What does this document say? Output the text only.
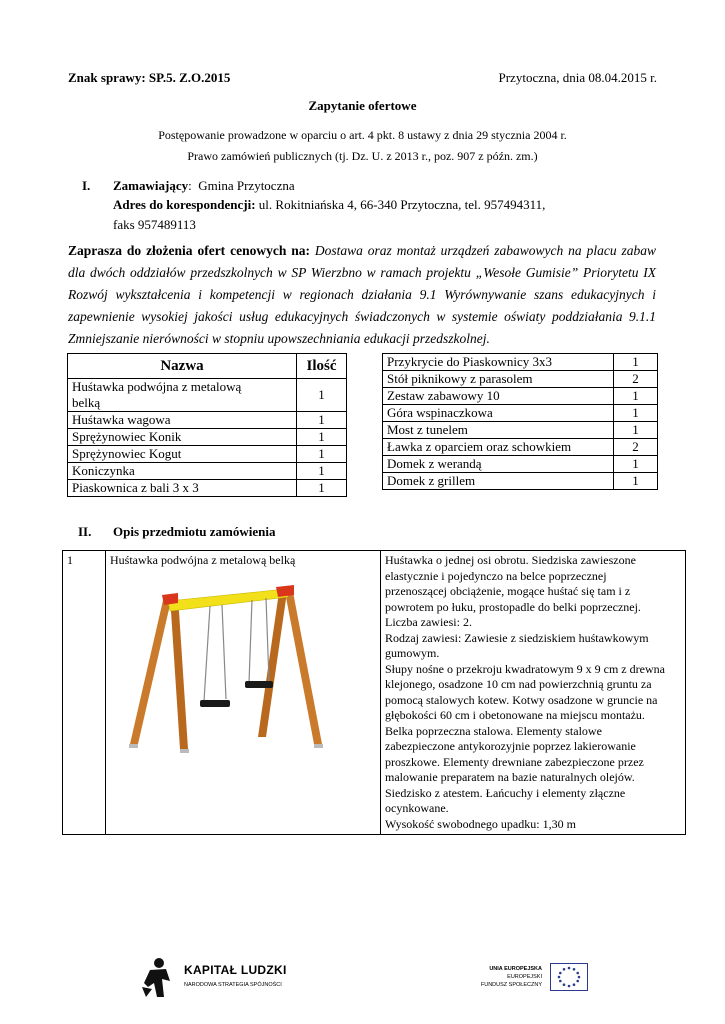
Znak sprawy: SP.5. Z.O.2015	Przytoczna, dnia 08.04.2015 r.
Zapytanie ofertowe
Postępowanie prowadzone w oparciu o art. 4 pkt. 8 ustawy z dnia 29 stycznia 2004 r.
Prawo zamówień publicznych (tj. Dz. U. z 2013 r., poz. 907 z późn. zm.)
I. Zamawiający:  Gmina Przytoczna
Adres do korespondencji: ul. Rokitniańska 4, 66-340 Przytoczna, tel. 957494311,
faks 957489113
Zaprasza do złożenia ofert cenowych na: Dostawa oraz montaż urządzeń zabawowych na placu zabaw dla dwóch oddziałów przedszkolnych w SP Wierzbno w ramach projektu „Wesołe Gumisie” Priorytetu IX Rozwój wykształcenia i kompetencji w regionach działania 9.1 Wyrównywanie szans edukacyjnych i zapewnienie wysokiej jakości usług edukacyjnych świadczonych w systemie oświaty poddziałania 9.1.1 Zmniejszanie nierówności w stopniu upowszechniania edukacji przedszkolnej.
Nazwa	Ilość
Huśtawka podwójna z metalową belką	1
Huśtawka wagowa	1
Sprężynowiec Konik	1
Sprężynowiec Kogut	1
Koniczynka	1
Piaskownica z bali 3 x 3	1
Przykrycie do Piaskownicy 3x3	1
Stół piknikowy z parasolem	2
Zestaw zabawowy 10	1
Góra wspinaczkowa	1
Most z tunelem	1
Ławka z oparciem oraz schowkiem	2
Domek z werandą	1
Domek z grillem	1
II. Opis przedmiotu zamówienia
1	Huśtawka podwójna z metalową belką	Huśtawka o jednej osi obrotu. Siedziska zawieszone
elastycznie i pojedynczo na belce poprzecznej
przenoszącej obciążenie, mogące huśtać się tam i z
powrotem po łuku, prostopadle do belki poprzecznej.
Liczba zawiesi: 2.
Rodzaj zawiesi: Zawiesie z siedziskiem huśtawkowym
gumowym.
Słupy nośne o przekroju kwadratowym 9 x 9 cm z drewna
klejonego, osadzone 10 cm nad powierzchnią gruntu za
pomocą stalowych kotew. Kotwy osadzone w gruncie na
głębokości 60 cm i obetonowane na miejscu montażu.
Belka poprzeczna stalowa. Elementy stalowe
zabezpieczone antykorozyjnie poprzez lakierowanie
proszkowe. Elementy drewniane zabezpieczone przez
malowanie preparatem na bazie naturalnych olejów.
Siedzisko z atestem. Łańcuchy i elementy złączne
ocynkowane.
Wysokość swobodnego upadku: 1,30 m
KAPITAŁ LUDZKI
NARODOWA STRATEGIA SPÓJNOŚCI
UNIA EUROPEJSKA
EUROPEJSKI
FUNDUSZ SPOŁECZNY
